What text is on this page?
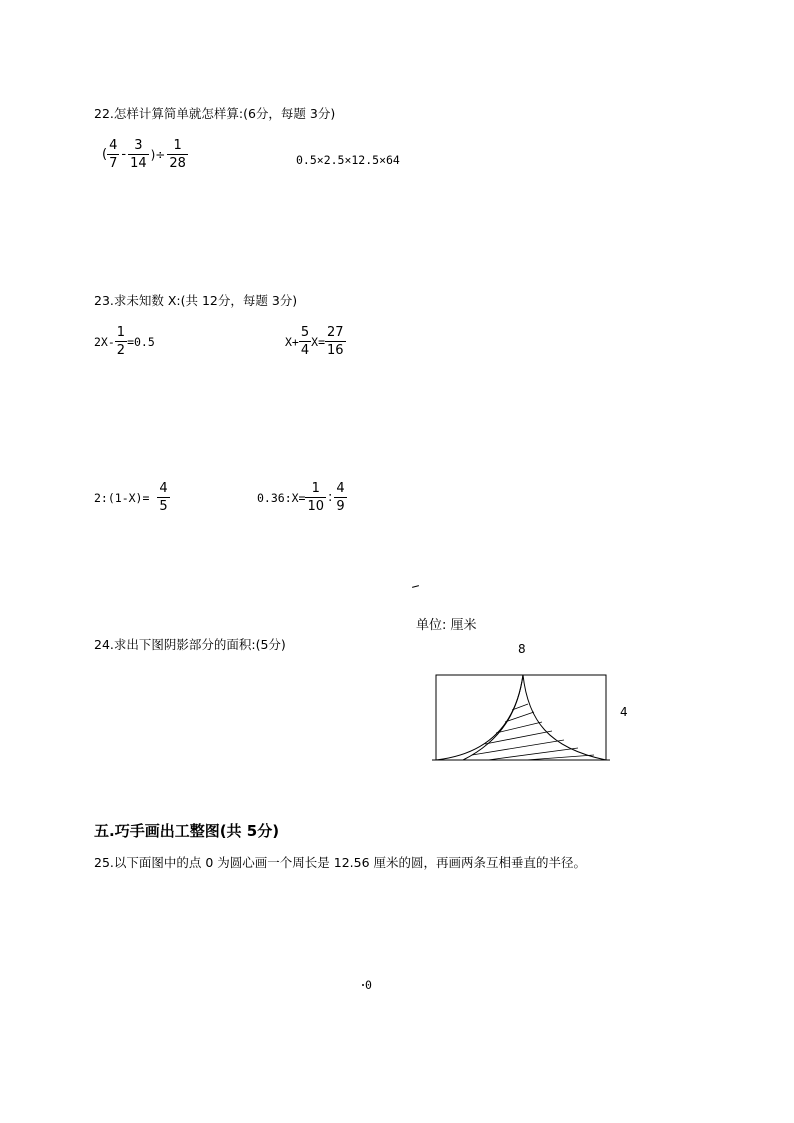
22.怎样计算简单就怎样算:(6分，每题 3分)
( $\frac{4}{7} - \frac{3}{14}$ )÷ $\frac{1}{28}$	0.5×2.5×12.5×64
23.求未知数 X:(共 12分，每题 3分)
$2X- \frac{1}{2} =0.5$	$X+ \frac{5}{4} X= \frac{27}{16}$
2:(1-X)= $\frac{4}{5}$	0.36:X= $\frac{1}{10}$ : $\frac{4}{9}$
单位: 厘米
24.求出下图阴影部分的面积:(5分)	8
4
五.巧手画出工整图(共 5分)
25.以下面图中的点 0 为圆心画一个周长是 12.56 厘米的圆，再画两条互相垂直的半径。
0
